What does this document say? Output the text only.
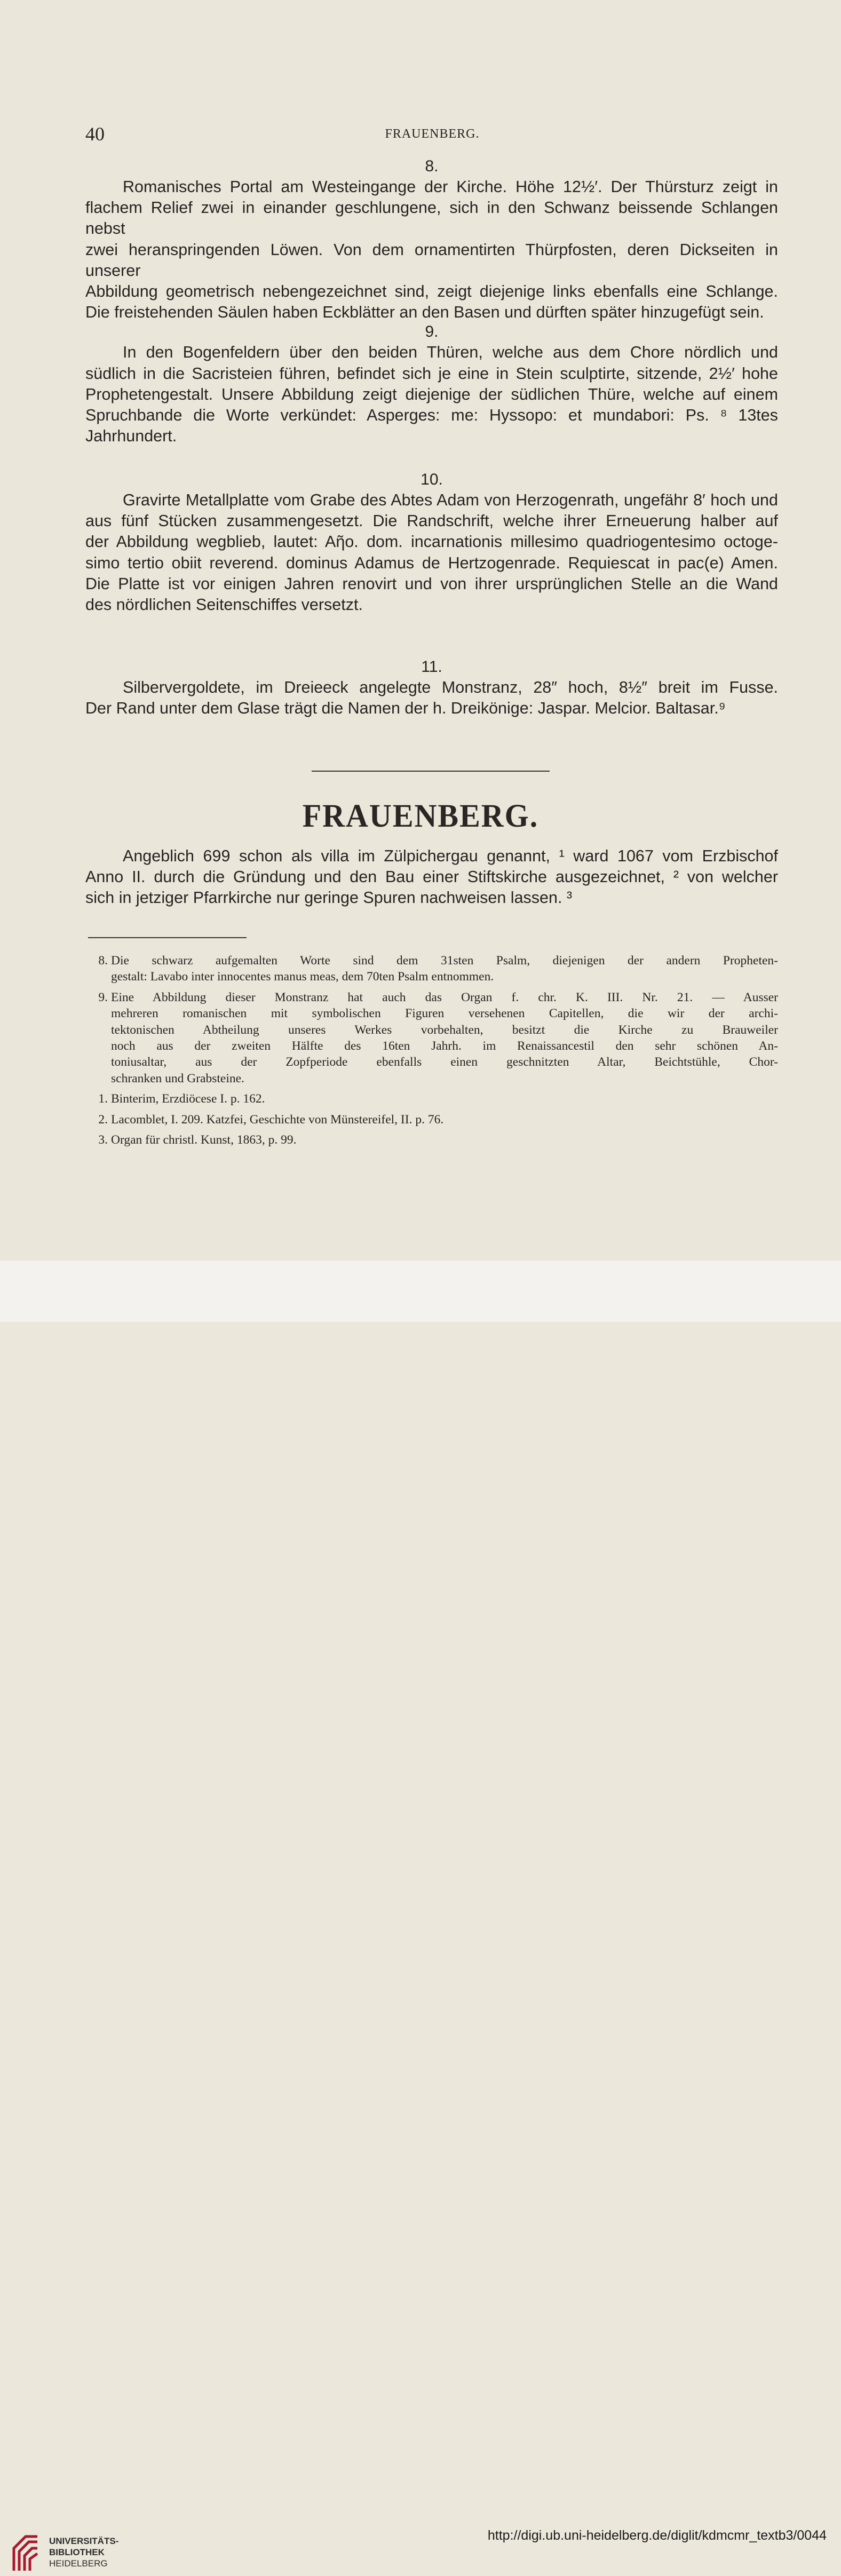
40	FRAUENBERG.
8.

Romanisches Portal am Westeingange der Kirche. Höhe 12½′. Der Thürsturz zeigt in
flachem Relief zwei in einander geschlungene, sich in den Schwanz beissende Schlangen nebst
zwei heranspringenden Löwen. Von dem ornamentirten Thürpfosten, deren Dickseiten in unserer
Abbildung geometrisch nebengezeichnet sind, zeigt diejenige links ebenfalls eine Schlange.
Die freistehenden Säulen haben Eckblätter an den Basen und dürften später hinzugefügt sein.

9.

In den Bogenfeldern über den beiden Thüren, welche aus dem Chore nördlich und
südlich in die Sacristeien führen, befindet sich je eine in Stein sculptirte, sitzende, 2½′ hohe
Prophetengestalt. Unsere Abbildung zeigt diejenige der südlichen Thüre, welche auf einem
Spruchbande die Worte verkündet: Asperges: me: Hyssopo: et mundabori: Ps. ⁸ 13tes
Jahrhundert.

10.

Gravirte Metallplatte vom Grabe des Abtes Adam von Herzogenrath, ungefähr 8′ hoch und
aus fünf Stücken zusammengesetzt. Die Randschrift, welche ihrer Erneuerung halber auf
der Abbildung wegblieb, lautet: Aῆo. dom. incarnationis millesimo quadriogentesimo octoge-
simo tertio obiit reverend. dominus Adamus de Hertzogenrade. Requiescat in pac(e) Amen.
Die Platte ist vor einigen Jahren renovirt und von ihrer ursprünglichen Stelle an die Wand
des nördlichen Seitenschiffes versetzt.

11.

Silbervergoldete, im Dreieeck angelegte Monstranz, 28″ hoch, 8½″ breit im Fusse.
Der Rand unter dem Glase trägt die Namen der h. Dreikönige: Jaspar. Melcior. Baltasar.⁹

FRAUENBERG.

Angeblich 699 schon als villa im Zülpichergau genannt, ¹ ward 1067 vom Erzbischof
Anno II. durch die Gründung und den Bau einer Stiftskirche ausgezeichnet, ² von welcher
sich in jetziger Pfarrkirche nur geringe Spuren nachweisen lassen. ³

8. Die schwarz aufgemalten Worte sind dem 31sten Psalm, diejenigen der andern Propheten-
gestalt: Lavabo inter innocentes manus meas, dem 70ten Psalm entnommen.
9. Eine Abbildung dieser Monstranz hat auch das Organ f. chr. K. III. Nr. 21. — Ausser
mehreren romanischen mit symbolischen Figuren versehenen Capitellen, die wir der archi-
tektonischen Abtheilung unseres Werkes vorbehalten, besitzt die Kirche zu Brauweiler
noch aus der zweiten Hälfte des 16ten Jahrh. im Renaissancestil den sehr schönen An-
toniusaltar, aus der Zopfperiode ebenfalls einen geschnitzten Altar, Beichtstühle, Chor-
schranken und Grabsteine.
1. Binterim, Erzdiöcese I. p. 162.
2. Lacomblet, I. 209. Katzfei, Geschichte von Münstereifel, II. p. 76.
3. Organ für christl. Kunst, 1863, p. 99.
UNIVERSITÄTS-
BIBLIOTHEK
HEIDELBERG
http://digi.ub.uni-heidelberg.de/diglit/kdmcmr_textb3/0044
